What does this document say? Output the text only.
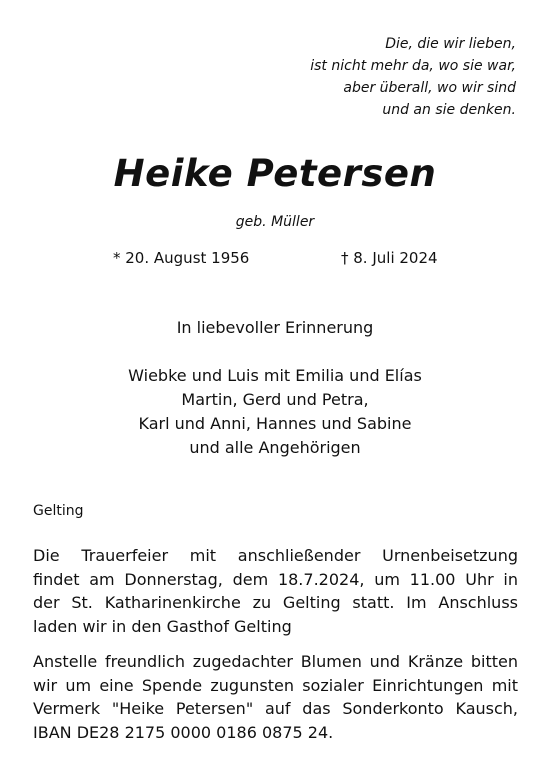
Die, die wir lieben,
ist nicht mehr da, wo sie war,
aber überall, wo wir sind
und an sie denken.
Heike Petersen
geb. Müller
* 20. August 1956	† 8. Juli 2024
In liebevoller Erinnerung
Wiebke und Luis mit Emilia und Elías
Martin, Gerd und Petra,
Karl und Anni, Hannes und Sabine
und alle Angehörigen
Gelting
Die Trauerfeier mit anschließender Urnenbeisetzung
findet am Donnerstag, dem 18.7.2024, um 11.00 Uhr in
der St. Katharinenkirche zu Gelting statt. Im Anschluss
laden wir in den Gasthof Gelting
Anstelle freundlich zugedachter Blumen und Kränze bitten
wir um eine Spende zugunsten sozialer Einrichtungen mit
Vermerk "Heike Petersen" auf das Sonderkonto Kausch,
IBAN DE28 2175 0000 0186 0875 24.
